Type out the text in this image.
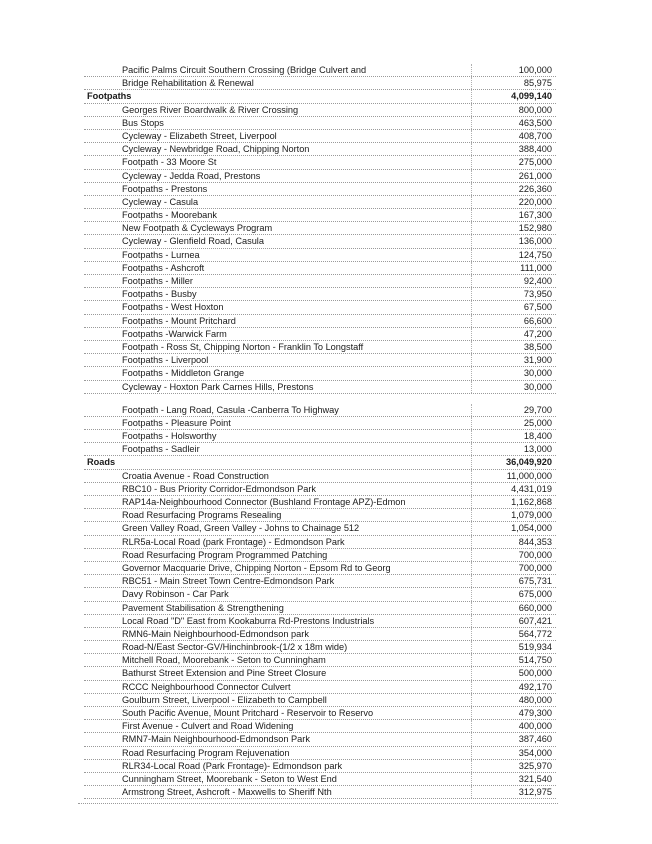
Pacific Palms Circuit Southern Crossing (Bridge Culvert and	100,000
Bridge Rehabilitation & Renewal	85,975
Footpaths	4,099,140
Georges River Boardwalk & River Crossing	800,000
Bus Stops	463,500
Cycleway - Elizabeth Street, Liverpool	408,700
Cycleway - Newbridge Road, Chipping Norton	388,400
Footpath - 33 Moore St	275,000
Cycleway - Jedda Road, Prestons	261,000
Footpaths - Prestons	226,360
Cycleway - Casula	220,000
Footpaths - Moorebank	167,300
New Footpath & Cycleways Program	152,980
Cycleway - Glenfield Road, Casula	136,000
Footpaths - Lurnea	124,750
Footpaths - Ashcroft	111,000
Footpaths - Miller	92,400
Footpaths - Busby	73,950
Footpaths - West Hoxton	67,500
Footpaths - Mount Pritchard	66,600
Footpaths -Warwick Farm	47,200
Footpath - Ross St, Chipping Norton - Franklin To Longstaff	38,500
Footpaths - Liverpool	31,900
Footpaths - Middleton Grange	30,000
Cycleway - Hoxton Park Carnes Hills, Prestons	30,000
Footpath - Lang Road, Casula -Canberra To Highway	29,700
Footpaths - Pleasure Point	25,000
Footpaths - Holsworthy	18,400
Footpaths - Sadleir	13,000
Roads	36,049,920
Croatia Avenue - Road Construction	11,000,000
RBC10 - Bus Priority Corridor-Edmondson Park	4,431,019
RAP14a-Neighbourhood Connector (Bushland Frontage APZ)-Edmon	1,162,868
Road Resurfacing Programs Resealing	1,079,000
Green Valley Road, Green Valley - Johns to Chainage 512	1,054,000
RLR5a-Local Road (park Frontage) - Edmondson Park	844,353
Road Resurfacing Program Programmed Patching	700,000
Governor Macquarie Drive, Chipping Norton - Epsom Rd to Georg	700,000
RBC51 - Main Street Town Centre-Edmondson Park	675,731
Davy Robinson - Car Park	675,000
Pavement Stabilisation & Strengthening	660,000
Local Road "D" East from Kookaburra Rd-Prestons Industrials	607,421
RMN6-Main Neighbourhood-Edmondson park	564,772
Road-N/East Sector-GV/Hinchinbrook-(1/2 x 18m wide)	519,934
Mitchell Road, Moorebank - Seton to Cunningham	514,750
Bathurst Street Extension and Pine Street Closure	500,000
RCCC Neighbourhood Connector Culvert	492,170
Goulburn Street, Liverpool - Elizabeth to Campbell	480,000
South Pacific Avenue, Mount Pritchard - Reservoir to Reservo	479,300
First Avenue - Culvert and Road Widening	400,000
RMN7-Main Neighbourhood-Edmondson Park	387,460
Road Resurfacing Program Rejuvenation	354,000
RLR34-Local Road (Park Frontage)- Edmondson park	325,970
Cunningham Street, Moorebank - Seton to West End	321,540
Armstrong Street, Ashcroft - Maxwells to Sheriff Nth	312,975
